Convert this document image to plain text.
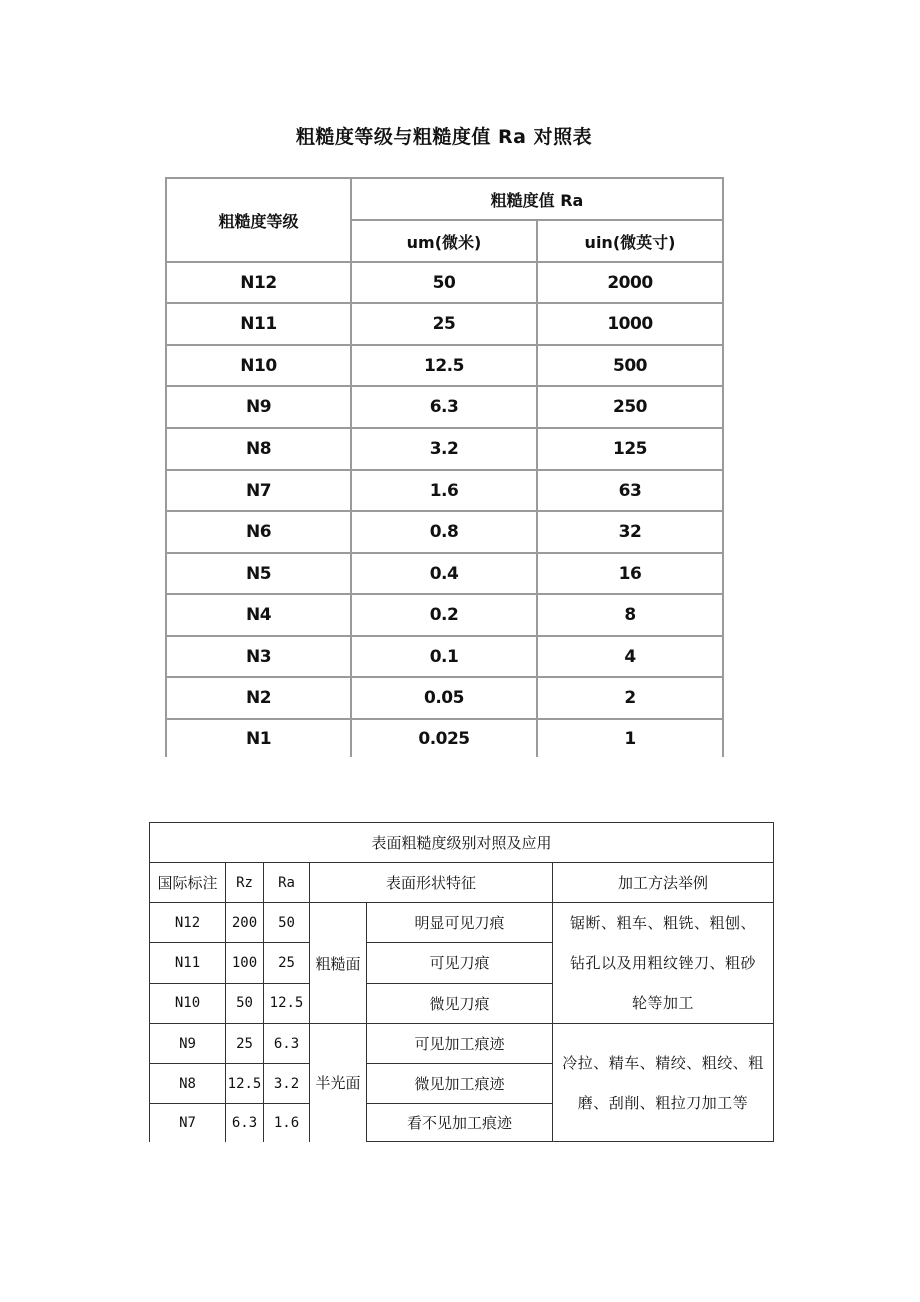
粗糙度等级与粗糙度值 Ra 对照表
粗糙度等级	粗糙度值 Ra	
	um(微米)	uin(微英寸)
N12	50	2000
N11	25	1000
N10	12.5	500
N9	6.3	250
N8	3.2	125
N7	1.6	63
N6	0.8	32
N5	0.4	16
N4	0.2	8
N3	0.1	4
N2	0.05	2
N1	0.025	1
表面粗糙度级别对照及应用					
国际标注	Rz	Ra	表面形状特征		加工方法举例
N12	200	50	粗糙面	明显可见刀痕	锯断、粗车、粗铣、粗刨、
钻孔以及用粗纹锉刀、粗砂
轮等加工

N11	100	25		可见刀痕	
N10	50	12.5		微见刀痕	
N9	25	6.3	半光面	可见加工痕迹	冷拉、精车、精绞、粗绞、粗
磨、刮削、粗拉刀加工等

N8	12.5	3.2		微见加工痕迹	
N7	6.3	1.6		看不见加工痕迹	
